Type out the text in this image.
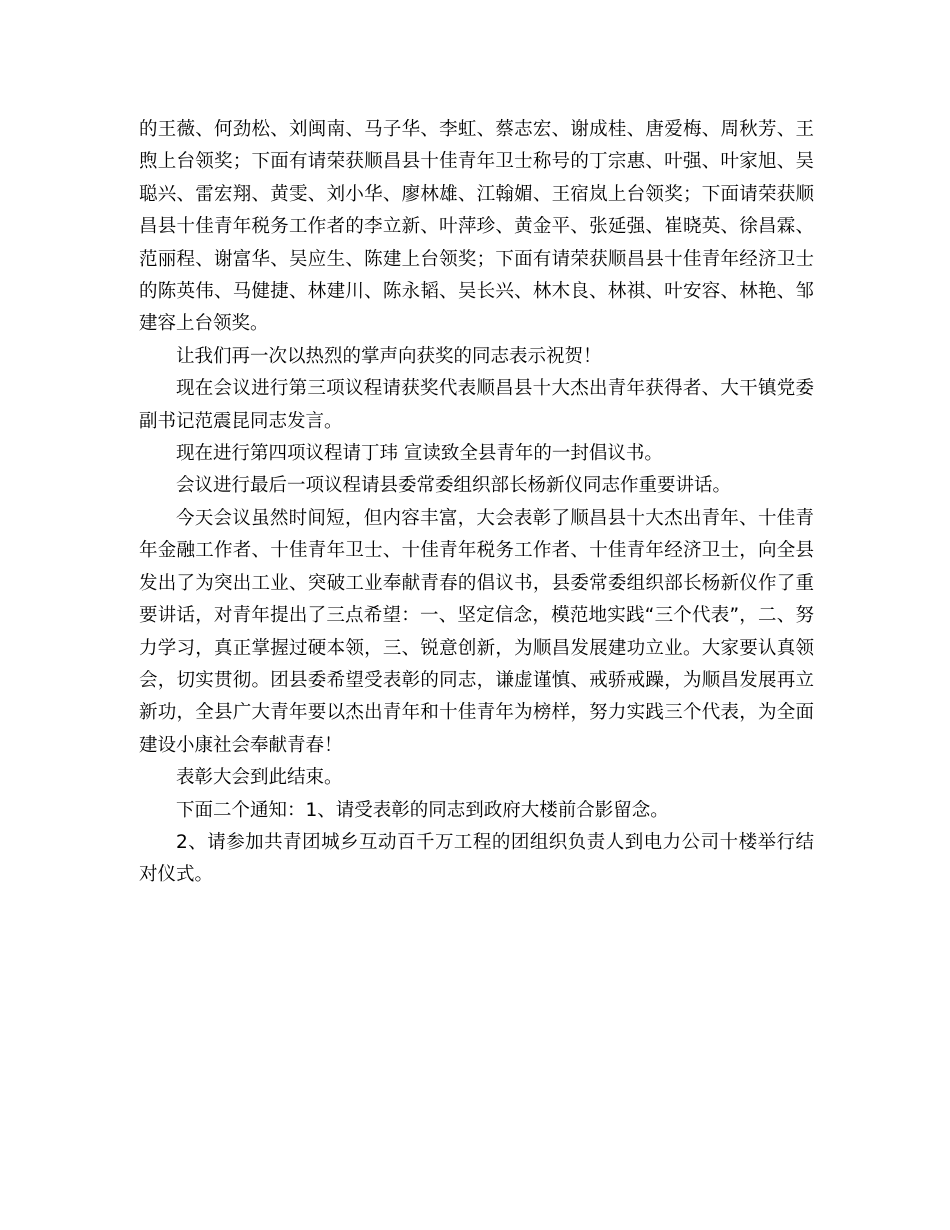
的王薇、何劲松、刘闽南、马子华、李虹、蔡志宏、谢成桂、唐爱梅、周秋芳、王煦上台领奖；下面有请荣获顺昌县十佳青年卫士称号的丁宗惠、叶强、叶家旭、吴聪兴、雷宏翔、黄雯、刘小华、廖林雄、江翰媚、王宿岚上台领奖；下面请荣获顺昌县十佳青年税务工作者的李立新、叶萍珍、黄金平、张延强、崔晓英、徐昌霖、范丽程、谢富华、吴应生、陈建上台领奖；下面有请荣获顺昌县十佳青年经济卫士的陈英伟、马健捷、林建川、陈永韬、吴长兴、林木良、林祺、叶安容、林艳、邹建容上台领奖。

让我们再一次以热烈的掌声向获奖的同志表示祝贺！

现在会议进行第三项议程请获奖代表顺昌县十大杰出青年获得者、大干镇党委副书记范震昆同志发言。

现在进行第四项议程请丁玮 宣读致全县青年的一封倡议书。

会议进行最后一项议程请县委常委组织部长杨新仪同志作重要讲话。

今天会议虽然时间短，但内容丰富，大会表彰了顺昌县十大杰出青年、十佳青年金融工作者、十佳青年卫士、十佳青年税务工作者、十佳青年经济卫士，向全县发出了为突出工业、突破工业奉献青春的倡议书，县委常委组织部长杨新仪作了重要讲话，对青年提出了三点希望：一、坚定信念，模范地实践“三个代表”，二、努力学习，真正掌握过硬本领，三、锐意创新，为顺昌发展建功立业。大家要认真领会，切实贯彻。团县委希望受表彰的同志，谦虚谨慎、戒骄戒躁，为顺昌发展再立新功，全县广大青年要以杰出青年和十佳青年为榜样，努力实践三个代表，为全面建设小康社会奉献青春！

表彰大会到此结束。

下面二个通知：1、请受表彰的同志到政府大楼前合影留念。

2、请参加共青团城乡互动百千万工程的团组织负责人到电力公司十楼举行结对仪式。
